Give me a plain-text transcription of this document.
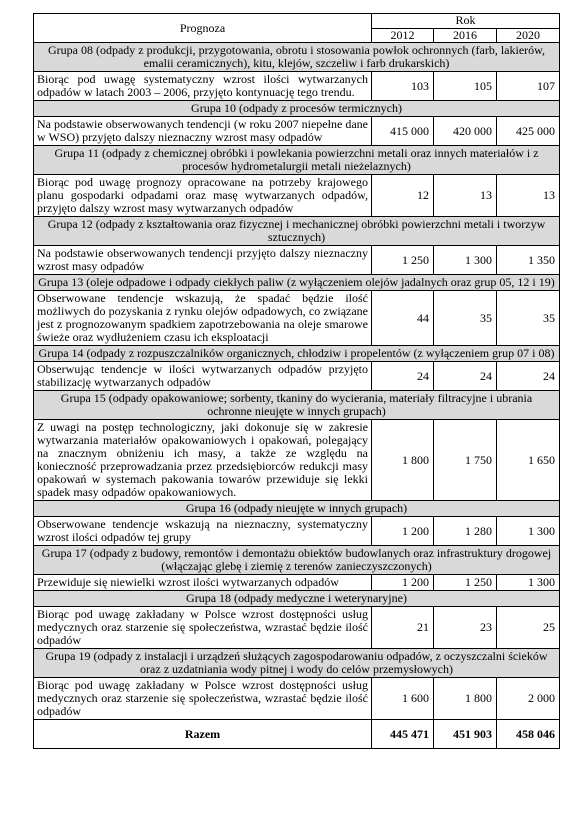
Prognoza	Rok		
	2012	2016	2020
Grupa 08 (odpady z produkcji, przygotowania, obrotu i stosowania powłok ochronnych (farb, lakierów, emalii ceramicznych), kitu, klejów, szczeliw i farb drukarskich)			
Biorąc pod uwagę systematyczny wzrost ilości wytwarzanych odpadów w latach 2003 – 2006, przyjęto kontynuację tego trendu.	103	105	107
Grupa 10 (odpady z procesów termicznych)			
Na podstawie obserwowanych tendencji (w roku 2007 niepełne dane w WSO) przyjęto dalszy nieznaczny wzrost masy odpadów	415 000	420 000	425 000
Grupa 11 (odpady z chemicznej obróbki i powlekania powierzchni metali oraz innych materiałów i z procesów hydrometalurgii metali nieżelaznych)			
Biorąc pod uwagę prognozy opracowane na potrzeby krajowego planu gospodarki odpadami oraz masę wytwarzanych odpadów, przyjęto dalszy wzrost masy wytwarzanych odpadów	12	13	13
Grupa 12 (odpady z kształtowania oraz fizycznej i mechanicznej obróbki powierzchni metali i tworzyw sztucznych)			
Na podstawie obserwowanych tendencji przyjęto dalszy nieznaczny wzrost masy odpadów	1 250	1 300	1 350
Grupa 13 (oleje odpadowe i odpady ciekłych paliw (z wyłączeniem olejów jadalnych oraz grup 05, 12 i 19)			
Obserwowane tendencje wskazują, że spadać będzie ilość możliwych do pozyskania z rynku olejów odpadowych, co związane jest z prognozowanym spadkiem zapotrzebowania na oleje smarowe świeże oraz wydłużeniem czasu ich eksploatacji	44	35	35
Grupa 14 (odpady z rozpuszczalników organicznych, chłodziw i propelentów (z wyłączeniem grup 07 i 08)			
Obserwując tendencje w ilości wytwarzanych odpadów przyjęto stabilizację wytwarzanych odpadów	24	24	24
Grupa 15 (odpady opakowaniowe; sorbenty, tkaniny do wycierania, materiały filtracyjne i ubrania ochronne nieujęte w innych grupach)			
Z uwagi na postęp technologiczny, jaki dokonuje się w zakresie wytwarzania materiałów opakowaniowych i opakowań, polegający na znacznym obniżeniu ich masy, a także ze względu na konieczność przeprowadzania przez przedsiębiorców redukcji masy opakowań w systemach pakowania towarów przewiduje się lekki spadek masy odpadów opakowaniowych.	1 800	1 750	1 650
Grupa 16 (odpady nieujęte w innych grupach)			
Obserwowane tendencje wskazują na nieznaczny, systematyczny wzrost ilości odpadów tej grupy	1 200	1 280	1 300
Grupa 17 (odpady z budowy, remontów i demontażu obiektów budowlanych oraz infrastruktury drogowej (włączając glebę i ziemię z terenów zanieczyszczonych)			
Przewiduje się niewielki wzrost ilości wytwarzanych odpadów	1 200	1 250	1 300
Grupa 18 (odpady medyczne i weterynaryjne)			
Biorąc pod uwagę zakładany w Polsce wzrost dostępności usług medycznych oraz starzenie się społeczeństwa, wzrastać będzie ilość odpadów	21	23	25
Grupa 19 (odpady z instalacji i urządzeń służących zagospodarowaniu odpadów, z oczyszczalni ścieków oraz z uzdatniania wody pitnej i wody do celów przemysłowych)			
Biorąc pod uwagę zakładany w Polsce wzrost dostępności usług medycznych oraz starzenie się społeczeństwa, wzrastać będzie ilość odpadów	1 600	1 800	2 000
Razem	445 471	451 903	458 046
